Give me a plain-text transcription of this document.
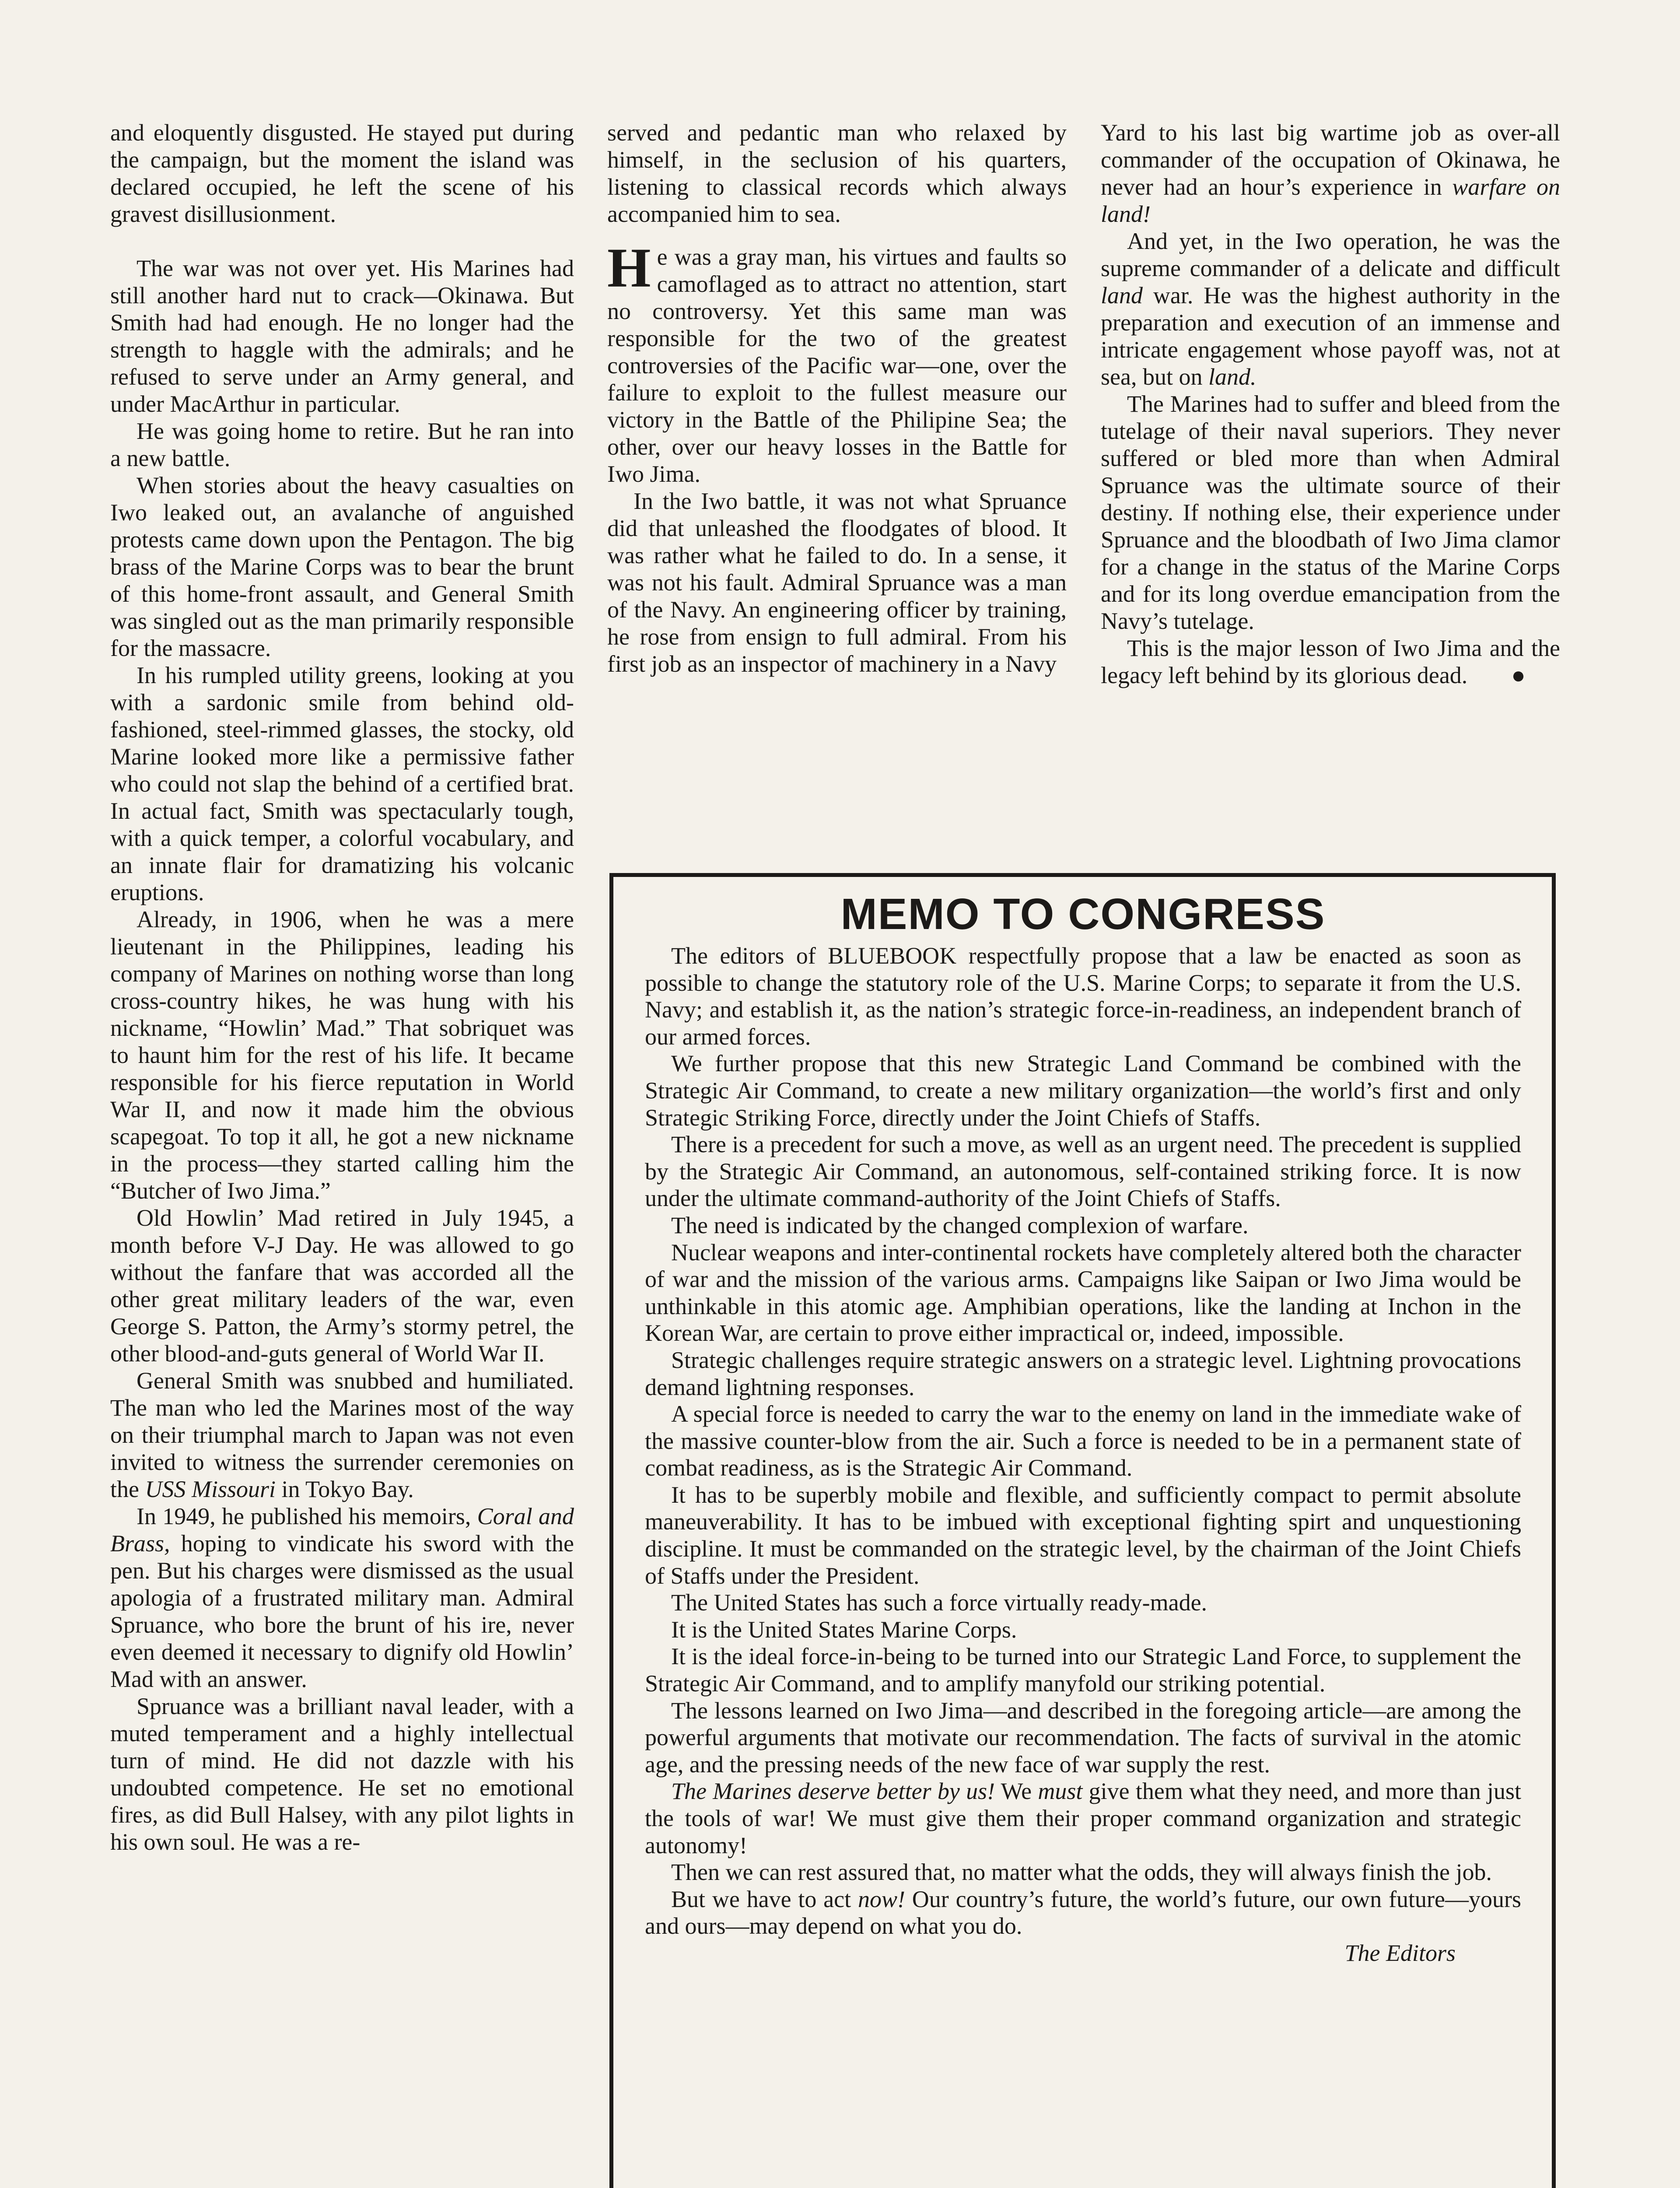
and eloquently disgusted. He stayed put during the campaign, but the moment the island was declared occupied, he left the scene of his gravest disillusionment.

The war was not over yet. His Marines had still another hard nut to crack—Okinawa. But Smith had had enough. He no longer had the strength to haggle with the admirals; and he refused to serve under an Army general, and under MacArthur in particular.

He was going home to retire. But he ran into a new battle.

When stories about the heavy casualties on Iwo leaked out, an avalanche of anguished protests came down upon the Pentagon. The big brass of the Marine Corps was to bear the brunt of this home-front assault, and General Smith was singled out as the man primarily responsible for the massacre.

In his rumpled utility greens, looking at you with a sardonic smile from behind old-fashioned, steel-rimmed glasses, the stocky, old Marine looked more like a permissive father who could not slap the behind of a certified brat. In actual fact, Smith was spectacularly tough, with a quick temper, a colorful vocabulary, and an innate flair for dramatizing his volcanic eruptions.

Already, in 1906, when he was a mere lieutenant in the Philippines, leading his company of Marines on nothing worse than long cross-country hikes, he was hung with his nickname, “Howlin’ Mad.” That sobriquet was to haunt him for the rest of his life. It became responsible for his fierce reputation in World War II, and now it made him the obvious scapegoat. To top it all, he got a new nickname in the process—they started calling him the “Butcher of Iwo Jima.”

Old Howlin’ Mad retired in July 1945, a month before V-J Day. He was allowed to go without the fanfare that was accorded all the other great military leaders of the war, even George S. Patton, the Army’s stormy petrel, the other blood-and-guts general of World War II.

General Smith was snubbed and humiliated. The man who led the Marines most of the way on their triumphal march to Japan was not even invited to witness the surrender ceremonies on the USS Missouri in Tokyo Bay.

In 1949, he published his memoirs, Coral and Brass, hoping to vindicate his sword with the pen. But his charges were dismissed as the usual apologia of a frustrated military man. Admiral Spruance, who bore the brunt of his ire, never even deemed it necessary to dignify old Howlin’ Mad with an answer.

Spruance was a brilliant naval leader, with a muted temperament and a highly intellectual turn of mind. He did not dazzle with his undoubted competence. He set no emotional fires, as did Bull Halsey, with any pilot lights in his own soul. He was a re-

served and pedantic man who relaxed by himself, in the seclusion of his quarters, listening to classical records which always accompanied him to sea.

He was a gray man, his virtues and faults so camoflaged as to attract no attention, start no controversy. Yet this same man was responsible for the two of the greatest controversies of the Pacific war—one, over the failure to exploit to the fullest measure our victory in the Battle of the Philipine Sea; the other, over our heavy losses in the Battle for Iwo Jima.

In the Iwo battle, it was not what Spruance did that unleashed the floodgates of blood. It was rather what he failed to do. In a sense, it was not his fault. Admiral Spruance was a man of the Navy. An engineering officer by training, he rose from ensign to full admiral. From his first job as an inspector of machinery in a Navy

Yard to his last big wartime job as over-all commander of the occupation of Okinawa, he never had an hour’s experience in warfare on land!

And yet, in the Iwo operation, he was the supreme commander of a delicate and difficult land war. He was the highest authority in the preparation and execution of an immense and intricate engagement whose payoff was, not at sea, but on land.

The Marines had to suffer and bleed from the tutelage of their naval superiors. They never suffered or bled more than when Admiral Spruance was the ultimate source of their destiny. If nothing else, their experience under Spruance and the bloodbath of Iwo Jima clamor for a change in the status of the Marine Corps and for its long overdue emancipation from the Navy’s tutelage.

This is the major lesson of Iwo Jima and the legacy left behind by its glorious dead. ●

MEMO TO CONGRESS

The editors of BLUEBOOK respectfully propose that a law be enacted as soon as possible to change the statutory role of the U.S. Marine Corps; to separate it from the U.S. Navy; and establish it, as the nation’s strategic force-in-readiness, an independent branch of our armed forces.

We further propose that this new Strategic Land Command be combined with the Strategic Air Command, to create a new military organization—the world’s first and only Strategic Striking Force, directly under the Joint Chiefs of Staffs.

There is a precedent for such a move, as well as an urgent need. The precedent is supplied by the Strategic Air Command, an autonomous, self-contained striking force. It is now under the ultimate command-authority of the Joint Chiefs of Staffs.

The need is indicated by the changed complexion of warfare.

Nuclear weapons and inter-continental rockets have completely altered both the character of war and the mission of the various arms. Campaigns like Saipan or Iwo Jima would be unthinkable in this atomic age. Amphibian operations, like the landing at Inchon in the Korean War, are certain to prove either impractical or, indeed, impossible.

Strategic challenges require strategic answers on a strategic level. Lightning provocations demand lightning responses.

A special force is needed to carry the war to the enemy on land in the immediate wake of the massive counter-blow from the air. Such a force is needed to be in a permanent state of combat readiness, as is the Strategic Air Command.

It has to be superbly mobile and flexible, and sufficiently compact to permit absolute maneuverability. It has to be imbued with exceptional fighting spirt and unquestioning discipline. It must be commanded on the strategic level, by the chairman of the Joint Chiefs of Staffs under the President.

The United States has such a force virtually ready-made.

It is the United States Marine Corps.

It is the ideal force-in-being to be turned into our Strategic Land Force, to supplement the Strategic Air Command, and to amplify manyfold our striking potential.

The lessons learned on Iwo Jima—and described in the foregoing article—are among the powerful arguments that motivate our recommendation. The facts of survival in the atomic age, and the pressing needs of the new face of war supply the rest.

The Marines deserve better by us! We must give them what they need, and more than just the tools of war! We must give them their proper command organization and strategic autonomy!

Then we can rest assured that, no matter what the odds, they will always finish the job.

But we have to act now! Our country’s future, the world’s future, our own future—yours and ours—may depend on what you do.

The Editors
